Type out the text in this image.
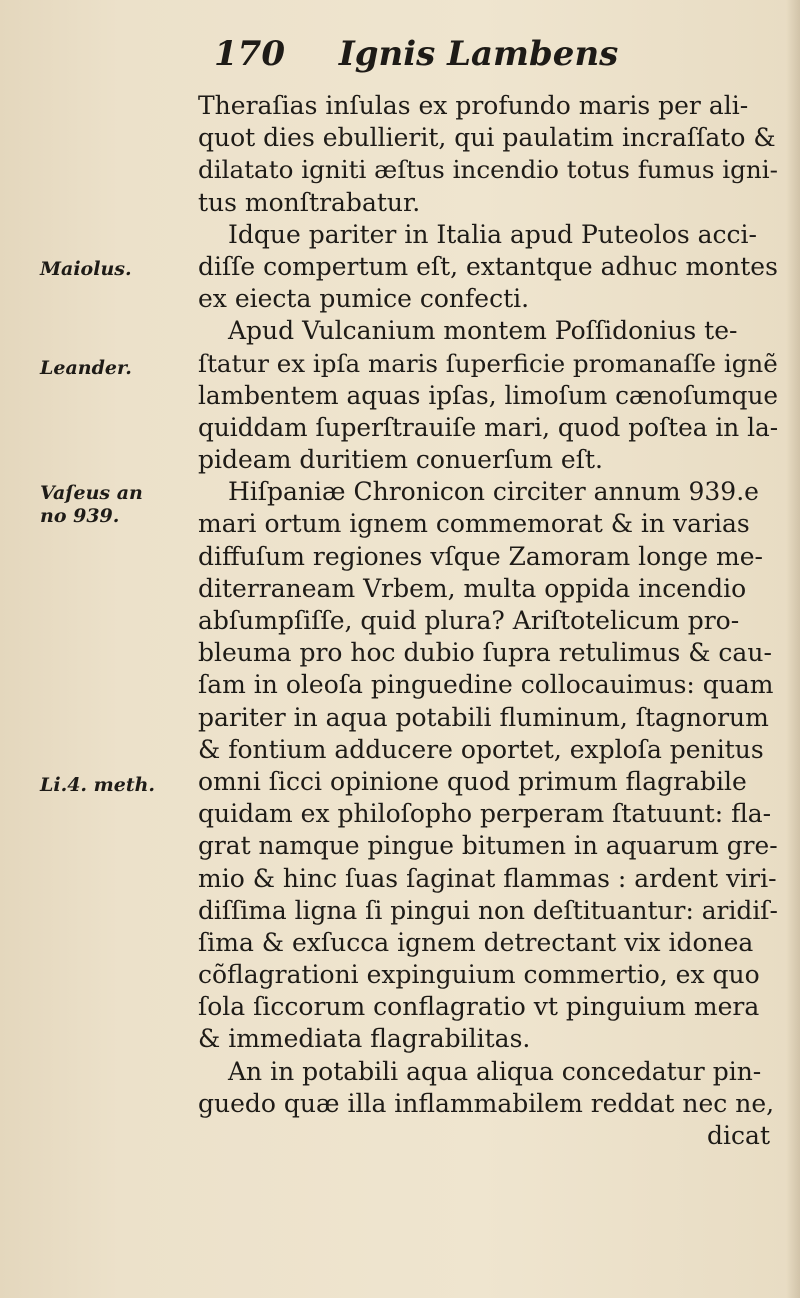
170 Ignis Lambens
Maiolus.
Leander.
Vaſeus an
no 939.
Li.4. meth.
Theraſias inſulas ex profundo maris per ali-
quot dies ebullierit, qui paulatim incraſſato &
dilatato igniti æſtus incendio totus fumus igni-
tus monſtrabatur.
Idque pariter in Italia apud Puteolos acci-
diſſe compertum eſt, extantque adhuc montes
ex eiecta pumice confecti.
Apud Vulcanium montem Poſſidonius te-
ſtatur ex ipſa maris ſuperficie promanaſſe ignẽ
lambentem aquas ipſas, limoſum cænoſumque
quiddam ſuperſtrauiſe mari, quod poſtea in la-
pideam duritiem conuerſum eſt.
Hiſpaniæ Chronicon circiter annum 939.e
mari ortum ignem commemorat & in varias
diffuſum regiones vſque Zamoram longe me-
diterraneam Vrbem, multa oppida incendio
abſumpſiſſe, quid plura? Ariſtotelicum pro-
bleuma pro hoc dubio ſupra retulimus & cau-
ſam in oleoſa pinguedine collocauimus: quam
pariter in aqua potabili fluminum, ſtagnorum
& fontium adducere oportet, exploſa penitus
omni ſicci opinione quod primum flagrabile
quidam ex philoſopho perperam ſtatuunt: fla-
grat namque pingue bitumen in aquarum gre-
mio & hinc ſuas ſaginat flammas : ardent viri-
diſſima ligna ſi pingui non deſtituantur: aridiſ-
ſima & exſucca ignem detrectant vix idonea
cõflagrationi expinguium commertio, ex quo
ſola ſiccorum conflagratio vt pinguium mera
& immediata flagrabilitas.
An in potabili aqua aliqua concedatur pin-
guedo quæ illa inflammabilem reddat nec ne,
dicat
